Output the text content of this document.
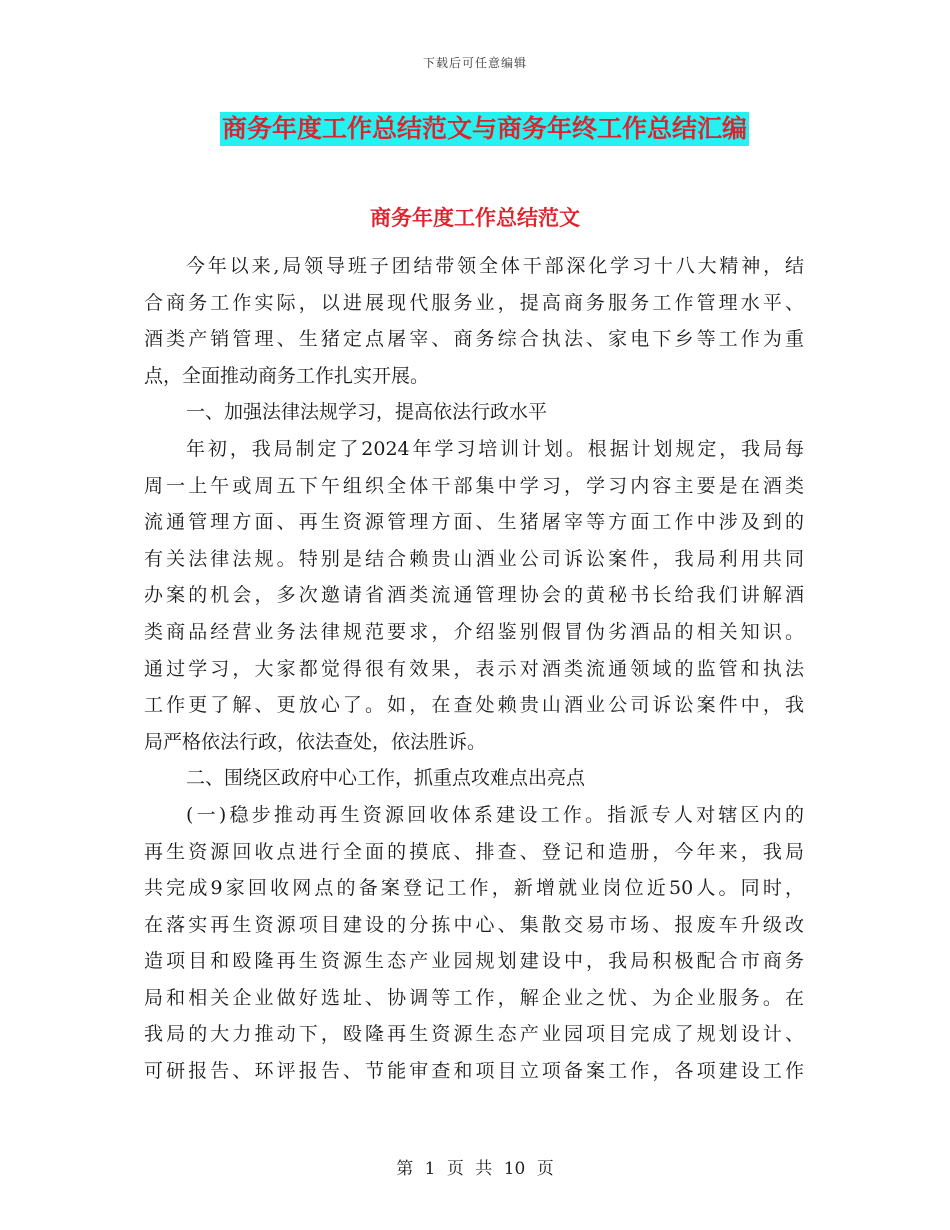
下载后可任意编辑
商务年度工作总结范文与商务年终工作总结汇编
商务年度工作总结范文
今年以来,局领导班子团结带领全体干部深化学习十八大精神，结
合商务工作实际，以进展现代服务业，提高商务服务工作管理水平、
酒类产销管理、生猪定点屠宰、商务综合执法、家电下乡等工作为重
点，全面推动商务工作扎实开展。
一、加强法律法规学习，提高依法行政水平
年初，我局制定了2024年学习培训计划。根据计划规定，我局每
周一上午或周五下午组织全体干部集中学习，学习内容主要是在酒类
流通管理方面、再生资源管理方面、生猪屠宰等方面工作中涉及到的
有关法律法规。特别是结合赖贵山酒业公司诉讼案件，我局利用共同
办案的机会，多次邀请省酒类流通管理协会的黄秘书长给我们讲解酒
类商品经营业务法律规范要求，介绍鉴别假冒伪劣酒品的相关知识。
通过学习，大家都觉得很有效果，表示对酒类流通领域的监管和执法
工作更了解、更放心了。如，在查处赖贵山酒业公司诉讼案件中，我
局严格依法行政，依法查处，依法胜诉。
二、围绕区政府中心工作，抓重点攻难点出亮点
(一)稳步推动再生资源回收体系建设工作。指派专人对辖区内的
再生资源回收点进行全面的摸底、排查、登记和造册，今年来，我局
共完成9家回收网点的备案登记工作，新增就业岗位近50人。同时，
在落实再生资源项目建设的分拣中心、集散交易市场、报废车升级改
造项目和殴隆再生资源生态产业园规划建设中，我局积极配合市商务
局和相关企业做好选址、协调等工作，解企业之忧、为企业服务。在
我局的大力推动下，殴隆再生资源生态产业园项目完成了规划设计、
可研报告、环评报告、节能审查和项目立项备案工作，各项建设工作
第 1 页 共 10 页
